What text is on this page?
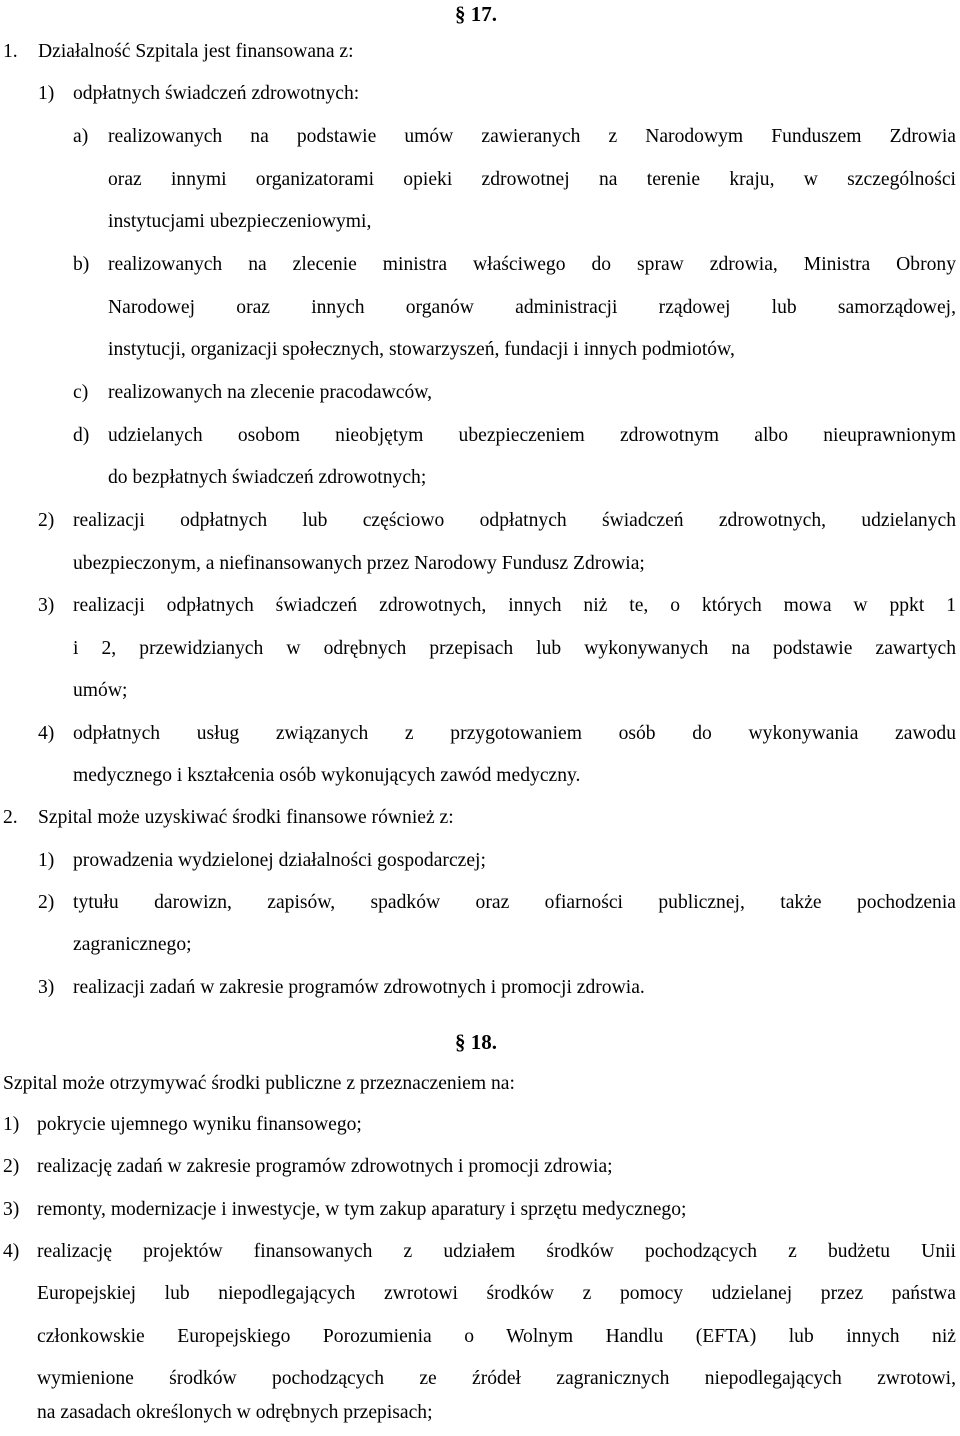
§ 17.
1. Działalność Szpitala jest finansowana z:
1) odpłatnych świadczeń zdrowotnych:
a) realizowanych na podstawie umów zawieranych z Narodowym Funduszem Zdrowia
oraz innymi organizatorami opieki zdrowotnej na terenie kraju, w szczególności
instytucjami ubezpieczeniowymi,
b) realizowanych na zlecenie ministra właściwego do spraw zdrowia, Ministra Obrony
Narodowej oraz innych organów administracji rządowej lub samorządowej,
instytucji, organizacji społecznych, stowarzyszeń, fundacji i innych podmiotów,
c) realizowanych na zlecenie pracodawców,
d) udzielanych osobom nieobjętym ubezpieczeniem zdrowotnym albo nieuprawnionym
do bezpłatnych świadczeń zdrowotnych;
2) realizacji odpłatnych lub częściowo odpłatnych świadczeń zdrowotnych, udzielanych
ubezpieczonym, a niefinansowanych przez Narodowy Fundusz Zdrowia;
3) realizacji odpłatnych świadczeń zdrowotnych, innych niż te, o których mowa w ppkt 1
i 2, przewidzianych w odrębnych przepisach lub wykonywanych na podstawie zawartych
umów;
4) odpłatnych usług związanych z przygotowaniem osób do wykonywania zawodu
medycznego i kształcenia osób wykonujących zawód medyczny.
2. Szpital może uzyskiwać środki finansowe również z:
1) prowadzenia wydzielonej działalności gospodarczej;
2) tytułu darowizn, zapisów, spadków oraz ofiarności publicznej, także pochodzenia
zagranicznego;
3) realizacji zadań w zakresie programów zdrowotnych i promocji zdrowia.
§ 18.
Szpital może otrzymywać środki publiczne z przeznaczeniem na:
1) pokrycie ujemnego wyniku finansowego;
2) realizację zadań w zakresie programów zdrowotnych i promocji zdrowia;
3) remonty, modernizacje i inwestycje, w tym zakup aparatury i sprzętu medycznego;
4) realizację projektów finansowanych z udziałem środków pochodzących z budżetu Unii
Europejskiej lub niepodlegających zwrotowi środków z pomocy udzielanej przez państwa
członkowskie Europejskiego Porozumienia o Wolnym Handlu (EFTA) lub innych niż
wymienione środków pochodzących ze źródeł zagranicznych niepodlegających zwrotowi,
na zasadach określonych w odrębnych przepisach;
